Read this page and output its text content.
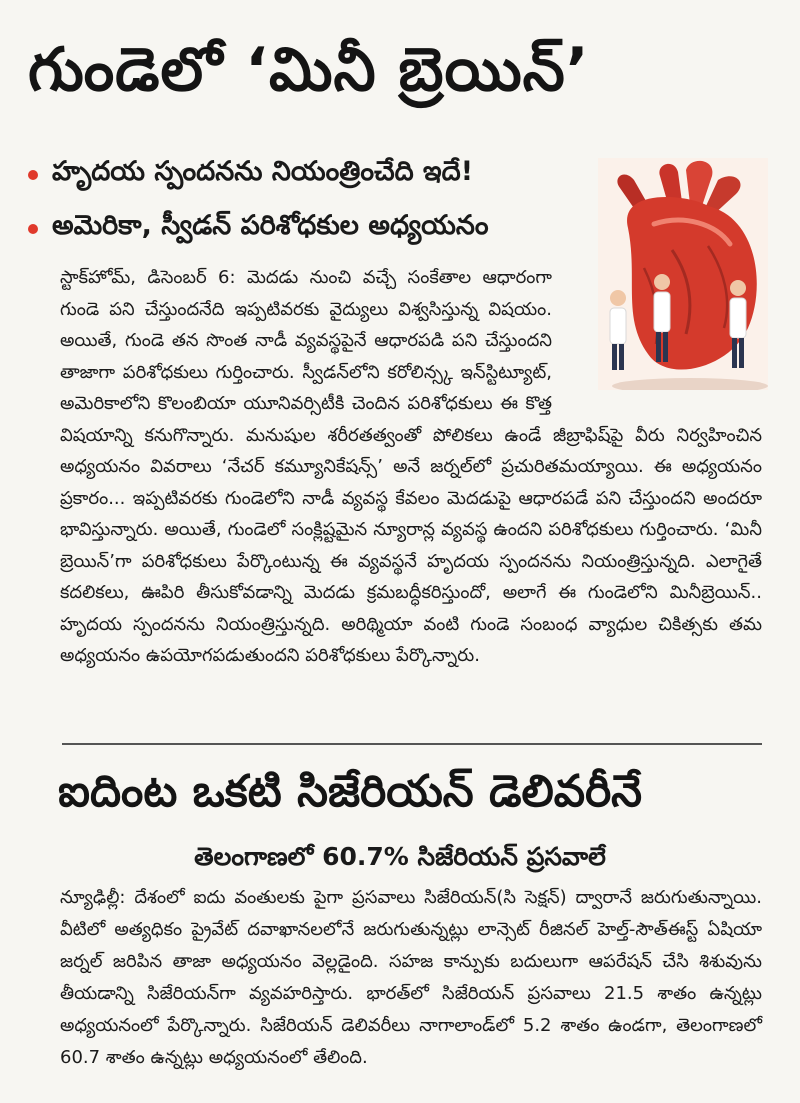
గుండెలో ‘మినీ బ్రెయిన్’
హృదయ స్పందనను నియంత్రించేది ఇదే!
అమెరికా, స్వీడన్ పరిశోధకుల అధ్యయనం

స్టాక్‌హోమ్, డిసెంబర్ 6: మెదడు నుంచి వచ్చే సంకేతాల ఆధారంగా గుండె పని చేస్తుందనేది ఇప్పటివరకు వైద్యులు విశ్వసిస్తున్న విషయం. అయితే, గుండె తన సొంత నాడీ వ్యవస్థపైనే ఆధారపడి పని చేస్తుందని తాజాగా పరిశోధకులు గుర్తించారు. స్వీడన్‌లోని కరోలిన్స్క ఇన్‌స్టిట్యూట్, అమెరికాలోని కొలంబియా యూనివర్సిటీకి చెందిన పరిశోధకులు ఈ కొత్త విషయాన్ని కనుగొన్నారు. మనుషుల శరీరతత్వంతో పోలికలు ఉండే జీబ్రాఫిష్‌పై వీరు నిర్వహించిన అధ్యయనం వివరాలు ‘నేచర్ కమ్యూనికేషన్స్’ అనే జర్నల్‌లో ప్రచురితమయ్యాయి. ఈ అధ్యయనం ప్రకారం... ఇప్పటివరకు గుండెలోని నాడీ వ్యవస్థ కేవలం మెదడుపై ఆధారపడే పని చేస్తుందని అందరూ భావిస్తున్నారు. అయితే, గుండెలో సంక్లిష్టమైన న్యూరాన్ల వ్యవస్థ ఉందని పరిశోధకులు గుర్తించారు. ‘మినీ బ్రెయిన్’గా పరిశోధకులు పేర్కొంటున్న ఈ వ్యవస్థనే హృదయ స్పందనను నియంత్రిస్తున్నది. ఎలాగైతే కదలికలు, ఊపిరి తీసుకోవడాన్ని మెదడు క్రమబద్ధీకరిస్తుందో, అలాగే ఈ గుండెలోని మినీబ్రెయిన్.. హృదయ స్పందనను నియంత్రిస్తున్నది. అరిథ్మియా వంటి గుండె సంబంధ వ్యాధుల చికిత్సకు తమ అధ్యయనం ఉపయోగపడుతుందని పరిశోధకులు పేర్కొన్నారు.

ఐదింట ఒకటి సిజేరియన్ డెలివరీనే
తెలంగాణలో 60.7% సిజేరియన్ ప్రసవాలే

న్యూఢిల్లీ: దేశంలో ఐదు వంతులకు పైగా ప్రసవాలు సిజేరియన్(సి సెక్షన్) ద్వారానే జరుగుతున్నాయి. వీటిలో అత్యధికం ప్రైవేట్ దవాఖానలలోనే జరుగుతున్నట్లు లాన్సెట్ రీజినల్ హెల్త్-సౌత్‌ఈస్ట్ ఏషియా జర్నల్ జరిపిన తాజా అధ్యయనం వెల్లడైంది. సహజ కాన్పుకు బదులుగా ఆపరేషన్ చేసి శిశువును తీయడాన్ని సిజేరియన్‌గా వ్యవహరిస్తారు. భారత్‌లో సిజేరియన్ ప్రసవాలు 21.5 శాతం ఉన్నట్లు అధ్యయనంలో పేర్కొన్నారు. సిజేరియన్ డెలివరీలు నాగాలాండ్‌లో 5.2 శాతం ఉండగా, తెలంగాణలో 60.7 శాతం ఉన్నట్లు అధ్యయనంలో తేలింది.
